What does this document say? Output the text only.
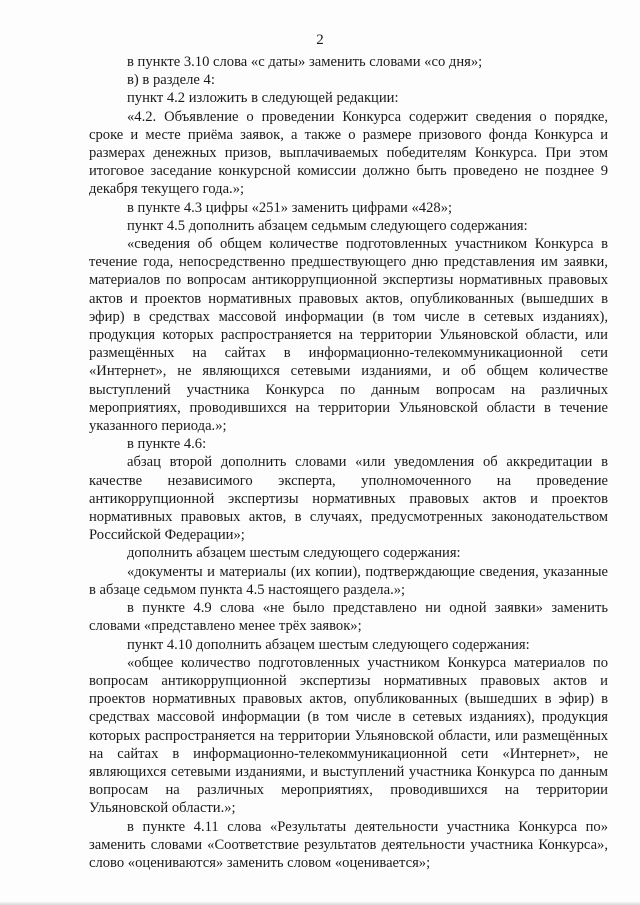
2

в пункте 3.10 слова «с даты» заменить словами «со дня»;

в) в разделе 4:

пункт 4.2 изложить в следующей редакции:

«4.2. Объявление о проведении Конкурса содержит сведения о порядке, сроке и месте приёма заявок, а также о размере призового фонда Конкурса и размерах денежных призов, выплачиваемых победителям Конкурса. При этом итоговое заседание конкурсной комиссии должно быть проведено не позднее 9 декабря текущего года.»;

в пункте 4.3 цифры «251» заменить цифрами «428»;

пункт 4.5 дополнить абзацем седьмым следующего содержания:

«сведения об общем количестве подготовленных участником Конкурса в течение года, непосредственно предшествующего дню представления им заявки, материалов по вопросам антикоррупционной экспертизы нормативных правовых актов и проектов нормативных правовых актов, опубликованных (вышедших в эфир) в средствах массовой информации (в том числе в сетевых изданиях), продукция которых распространяется на территории Ульяновской области, или размещённых на сайтах в информационно-телекоммуникационной сети «Интернет», не являющихся сетевыми изданиями, и об общем количестве выступлений участника Конкурса по данным вопросам на различных мероприятиях, проводившихся на территории Ульяновской области в течение указанного периода.»;

в пункте 4.6:

абзац второй дополнить словами «или уведомления об аккредитации в качестве независимого эксперта, уполномоченного на проведение антикоррупционной экспертизы нормативных правовых актов и проектов нормативных правовых актов, в случаях, предусмотренных законодательством Российской Федерации»;

дополнить абзацем шестым следующего содержания:

«документы и материалы (их копии), подтверждающие сведения, указанные в абзаце седьмом пункта 4.5 настоящего раздела.»;

в пункте 4.9 слова «не было представлено ни одной заявки» заменить словами «представлено менее трёх заявок»;

пункт 4.10 дополнить абзацем шестым следующего содержания:

«общее количество подготовленных участником Конкурса материалов по вопросам антикоррупционной экспертизы нормативных правовых актов и проектов нормативных правовых актов, опубликованных (вышедших в эфир) в средствах массовой информации (в том числе в сетевых изданиях), продукция которых распространяется на территории Ульяновской области, или размещённых на сайтах в информационно-телекоммуникационной сети «Интернет», не являющихся сетевыми изданиями, и выступлений участника Конкурса по данным вопросам на различных мероприятиях, проводившихся на территории Ульяновской области.»;

в пункте 4.11 слова «Результаты деятельности участника Конкурса по» заменить словами «Соответствие результатов деятельности участника Конкурса», слово «оцениваются» заменить словом «оценивается»;
